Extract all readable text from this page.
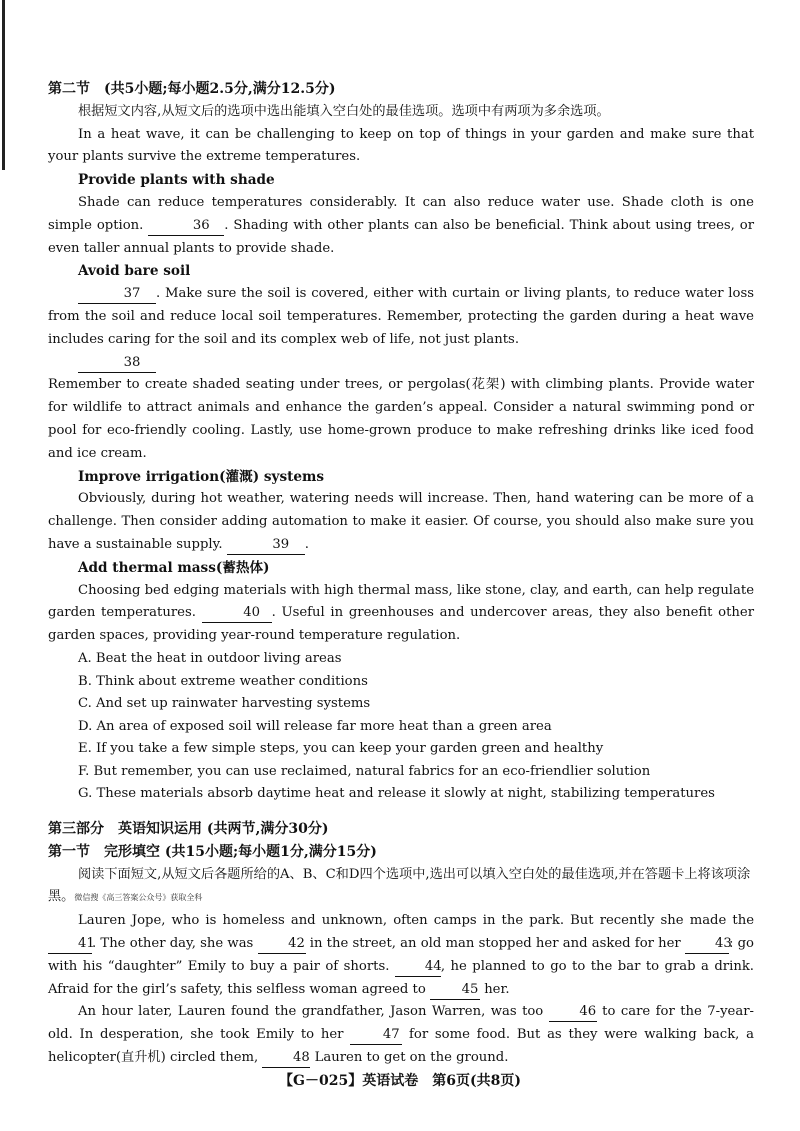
第二节　(共5小题;每小题2.5分,满分12.5分)

根据短文内容,从短文后的选项中选出能填入空白处的最佳选项。选项中有两项为多余选项。

In a heat wave, it can be challenging to keep on top of things in your garden and make sure that your plants survive the extreme temperatures.

Provide plants with shade

Shade can reduce temperatures considerably. It can also reduce water use. Shade cloth is one simple option.	36 . Shading with other plants can also be beneficial. Think about using trees, or even taller annual plants to provide shade.

Avoid bare soil

37 . Make sure the soil is covered, either with curtain or living plants, to reduce water loss from the soil and reduce local soil temperatures. Remember, protecting the garden during a heat wave includes caring for the soil and its complex web of life, not just plants.

38

Remember to create shaded seating under trees, or pergolas(花架) with climbing plants. Provide water for wildlife to attract animals and enhance the garden’s appeal. Consider a natural swimming pond or pool for eco-friendly cooling. Lastly, use home-grown produce to make refreshing drinks like iced food and ice cream.

Improve irrigation(灌溉) systems

Obviously, during hot weather, watering needs will increase. Then, hand watering can be more of a challenge. Then consider adding automation to make it easier. Of course, you should also make sure you have a sustainable supply.	39 .

Add thermal mass(蓄热体)

Choosing bed edging materials with high thermal mass, like stone, clay, and earth, can help regulate garden temperatures.	40 . Useful in greenhouses and undercover areas, they also benefit other garden spaces, providing year-round temperature regulation.

A. Beat the heat in outdoor living areas

B. Think about extreme weather conditions

C. And set up rainwater harvesting systems

D. An area of exposed soil will release far more heat than a green area

E. If you take a few simple steps, you can keep your garden green and healthy

F. But remember, you can use reclaimed, natural fabrics for an eco-friendlier solution

G. These materials absorb daytime heat and release it slowly at night, stabilizing temperatures

第三部分　英语知识运用 (共两节,满分30分)

第一节　完形填空 (共15小题;每小题1分,满分15分)

阅读下面短文,从短文后各题所给的A、B、C和D四个选项中,选出可以填入空白处的最佳选项,并在答题卡上将该项涂黑。微信搜《高三答案公众号》获取全科

Lauren Jope, who is homeless and unknown, often camps in the park. But recently she made the 41. The other day, she was	42 in the street, an old man stopped her and asked for her	43: go with his “daughter” Emily to buy a pair of shorts.	44, he planned to go to the bar to grab a drink. Afraid for the girl’s safety, this selfless woman agreed to	45 her.

An hour later, Lauren found the grandfather, Jason Warren, was too	46 to care for the 7-year-old. In desperation, she took Emily to her	47 for some food. But as they were walking back, a helicopter(直升机) circled them,	48 Lauren to get on the ground.

【G－025】英语试卷　第6页(共8页)
